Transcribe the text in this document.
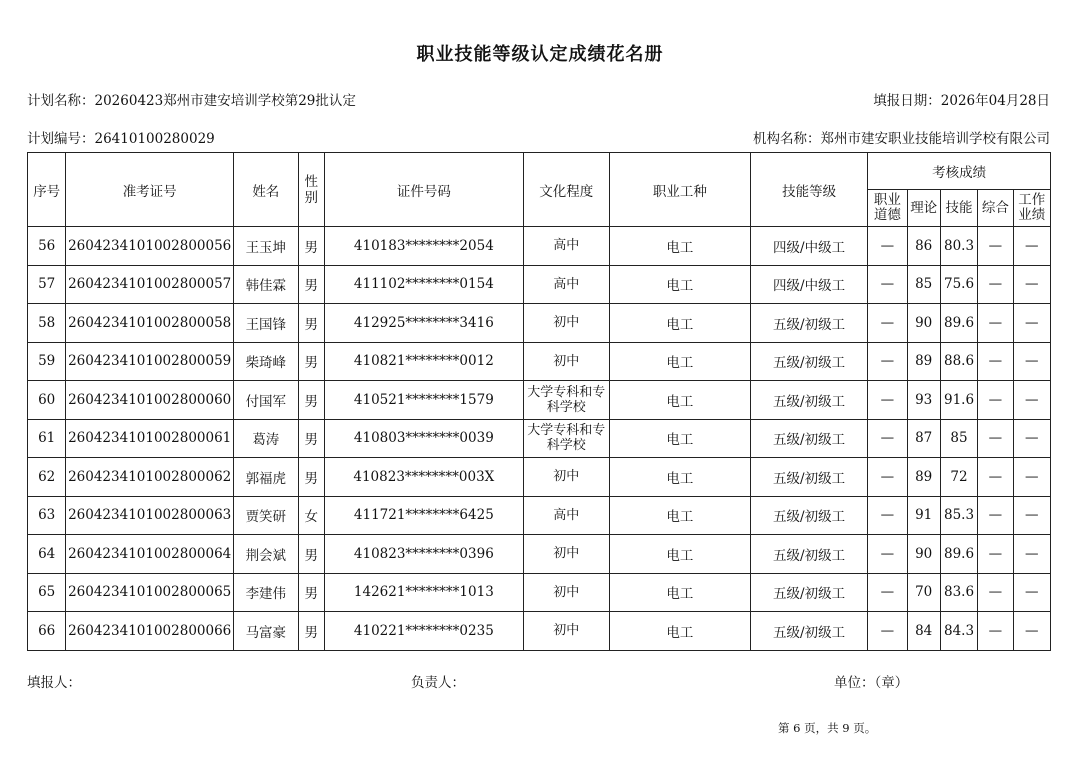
职业技能等级认定成绩花名册
计划名称：20260423郑州市建安培训学校第29批认定	填报日期：2026年04月28日
计划编号：26410100280029	机构名称：郑州市建安职业技能培训学校有限公司
序号	准考证号	姓名	性别	证件号码	文化程度	职业工种	技能等级	考核成绩				
								职业道德	理论	技能	综合	工作业绩
56	2604234101002800056	王玉坤	男	410183********2054	高中	电工	四级/中级工	—	86	80.3	—	—
57	2604234101002800057	韩佳霖	男	411102********0154	高中	电工	四级/中级工	—	85	75.6	—	—
58	2604234101002800058	王国锋	男	412925********3416	初中	电工	五级/初级工	—	90	89.6	—	—
59	2604234101002800059	柴琦峰	男	410821********0012	初中	电工	五级/初级工	—	89	88.6	—	—
60	2604234101002800060	付国军	男	410521********1579	大学专科和专科学校	电工	五级/初级工	—	93	91.6	—	—
61	2604234101002800061	葛涛	男	410803********0039	大学专科和专科学校	电工	五级/初级工	—	87	85	—	—
62	2604234101002800062	郭福虎	男	410823********003X	初中	电工	五级/初级工	—	89	72	—	—
63	2604234101002800063	贾笑研	女	411721********6425	高中	电工	五级/初级工	—	91	85.3	—	—
64	2604234101002800064	荆会斌	男	410823********0396	初中	电工	五级/初级工	—	90	89.6	—	—
65	2604234101002800065	李建伟	男	142621********1013	初中	电工	五级/初级工	—	70	83.6	—	—
66	2604234101002800066	马富豪	男	410221********0235	初中	电工	五级/初级工	—	84	84.3	—	—
填报人：	负责人：	单位：（章）
第 6 页，共 9 页。
